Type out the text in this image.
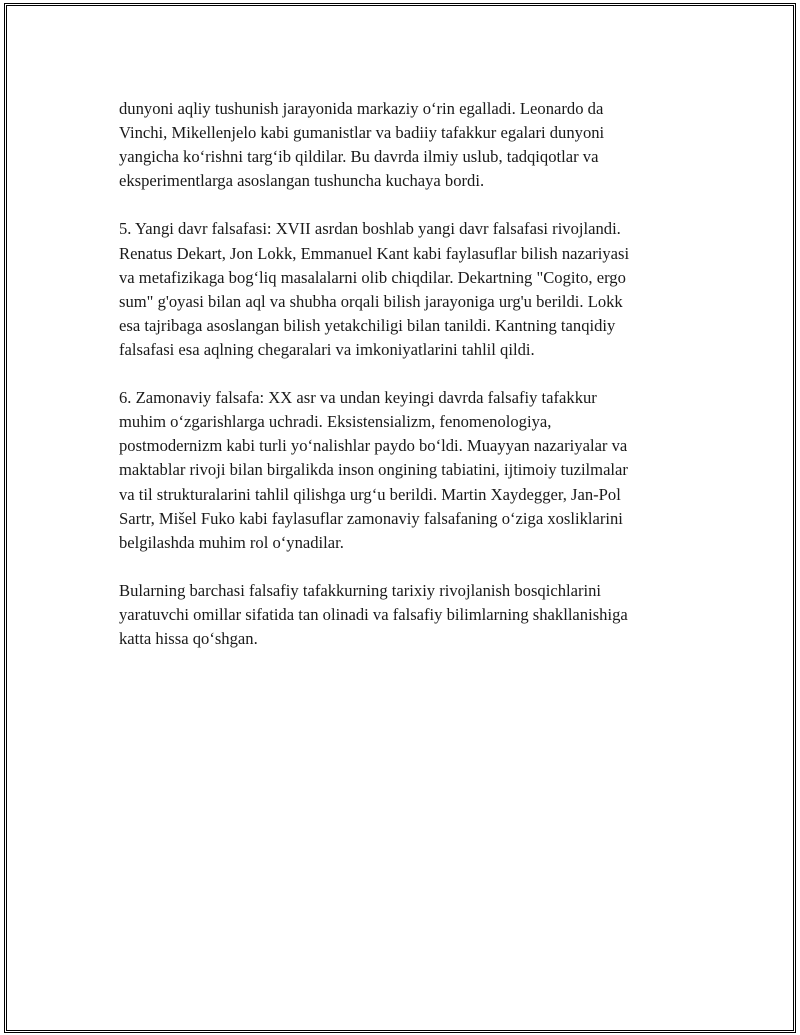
dunyoni aqliy tushunish jarayonida markaziy o‘rin egalladi. Leonardo da

Vinchi, Mikellenjelo kabi gumanistlar va badiiy tafakkur egalari dunyoni

yangicha ko‘rishni targ‘ib qildilar. Bu davrda ilmiy uslub, tadqiqotlar va

eksperimentlarga asoslangan tushuncha kuchaya bordi.

5. Yangi davr falsafasi: XVII asrdan boshlab yangi davr falsafasi rivojlandi.

Renatus Dekart, Jon Lokk, Emmanuel Kant kabi faylasuflar bilish nazariyasi

va metafizikaga bog‘liq masalalarni olib chiqdilar. Dekartning "Cogito, ergo

sum" g'oyasi bilan aql va shubha orqali bilish jarayoniga urg'u berildi. Lokk

esa tajribaga asoslangan bilish yetakchiligi bilan tanildi. Kantning tanqidiy

falsafasi esa aqlning chegaralari va imkoniyatlarini tahlil qildi.

6. Zamonaviy falsafa: XX asr va undan keyingi davrda falsafiy tafakkur

muhim o‘zgarishlarga uchradi. Eksistensializm, fenomenologiya,

postmodernizm kabi turli yo‘nalishlar paydo bo‘ldi. Muayyan nazariyalar va

maktablar rivoji bilan birgalikda inson ongining tabiatini, ijtimoiy tuzilmalar

va til strukturalarini tahlil qilishga urg‘u berildi. Martin Xaydegger, Jan-Pol

Sartr, Mišel Fuko kabi faylasuflar zamonaviy falsafaning o‘ziga xosliklarini

belgilashda muhim rol o‘ynadilar.

Bularning barchasi falsafiy tafakkurning tarixiy rivojlanish bosqichlarini

yaratuvchi omillar sifatida tan olinadi va falsafiy bilimlarning shakllanishiga

katta hissa qo‘shgan.
